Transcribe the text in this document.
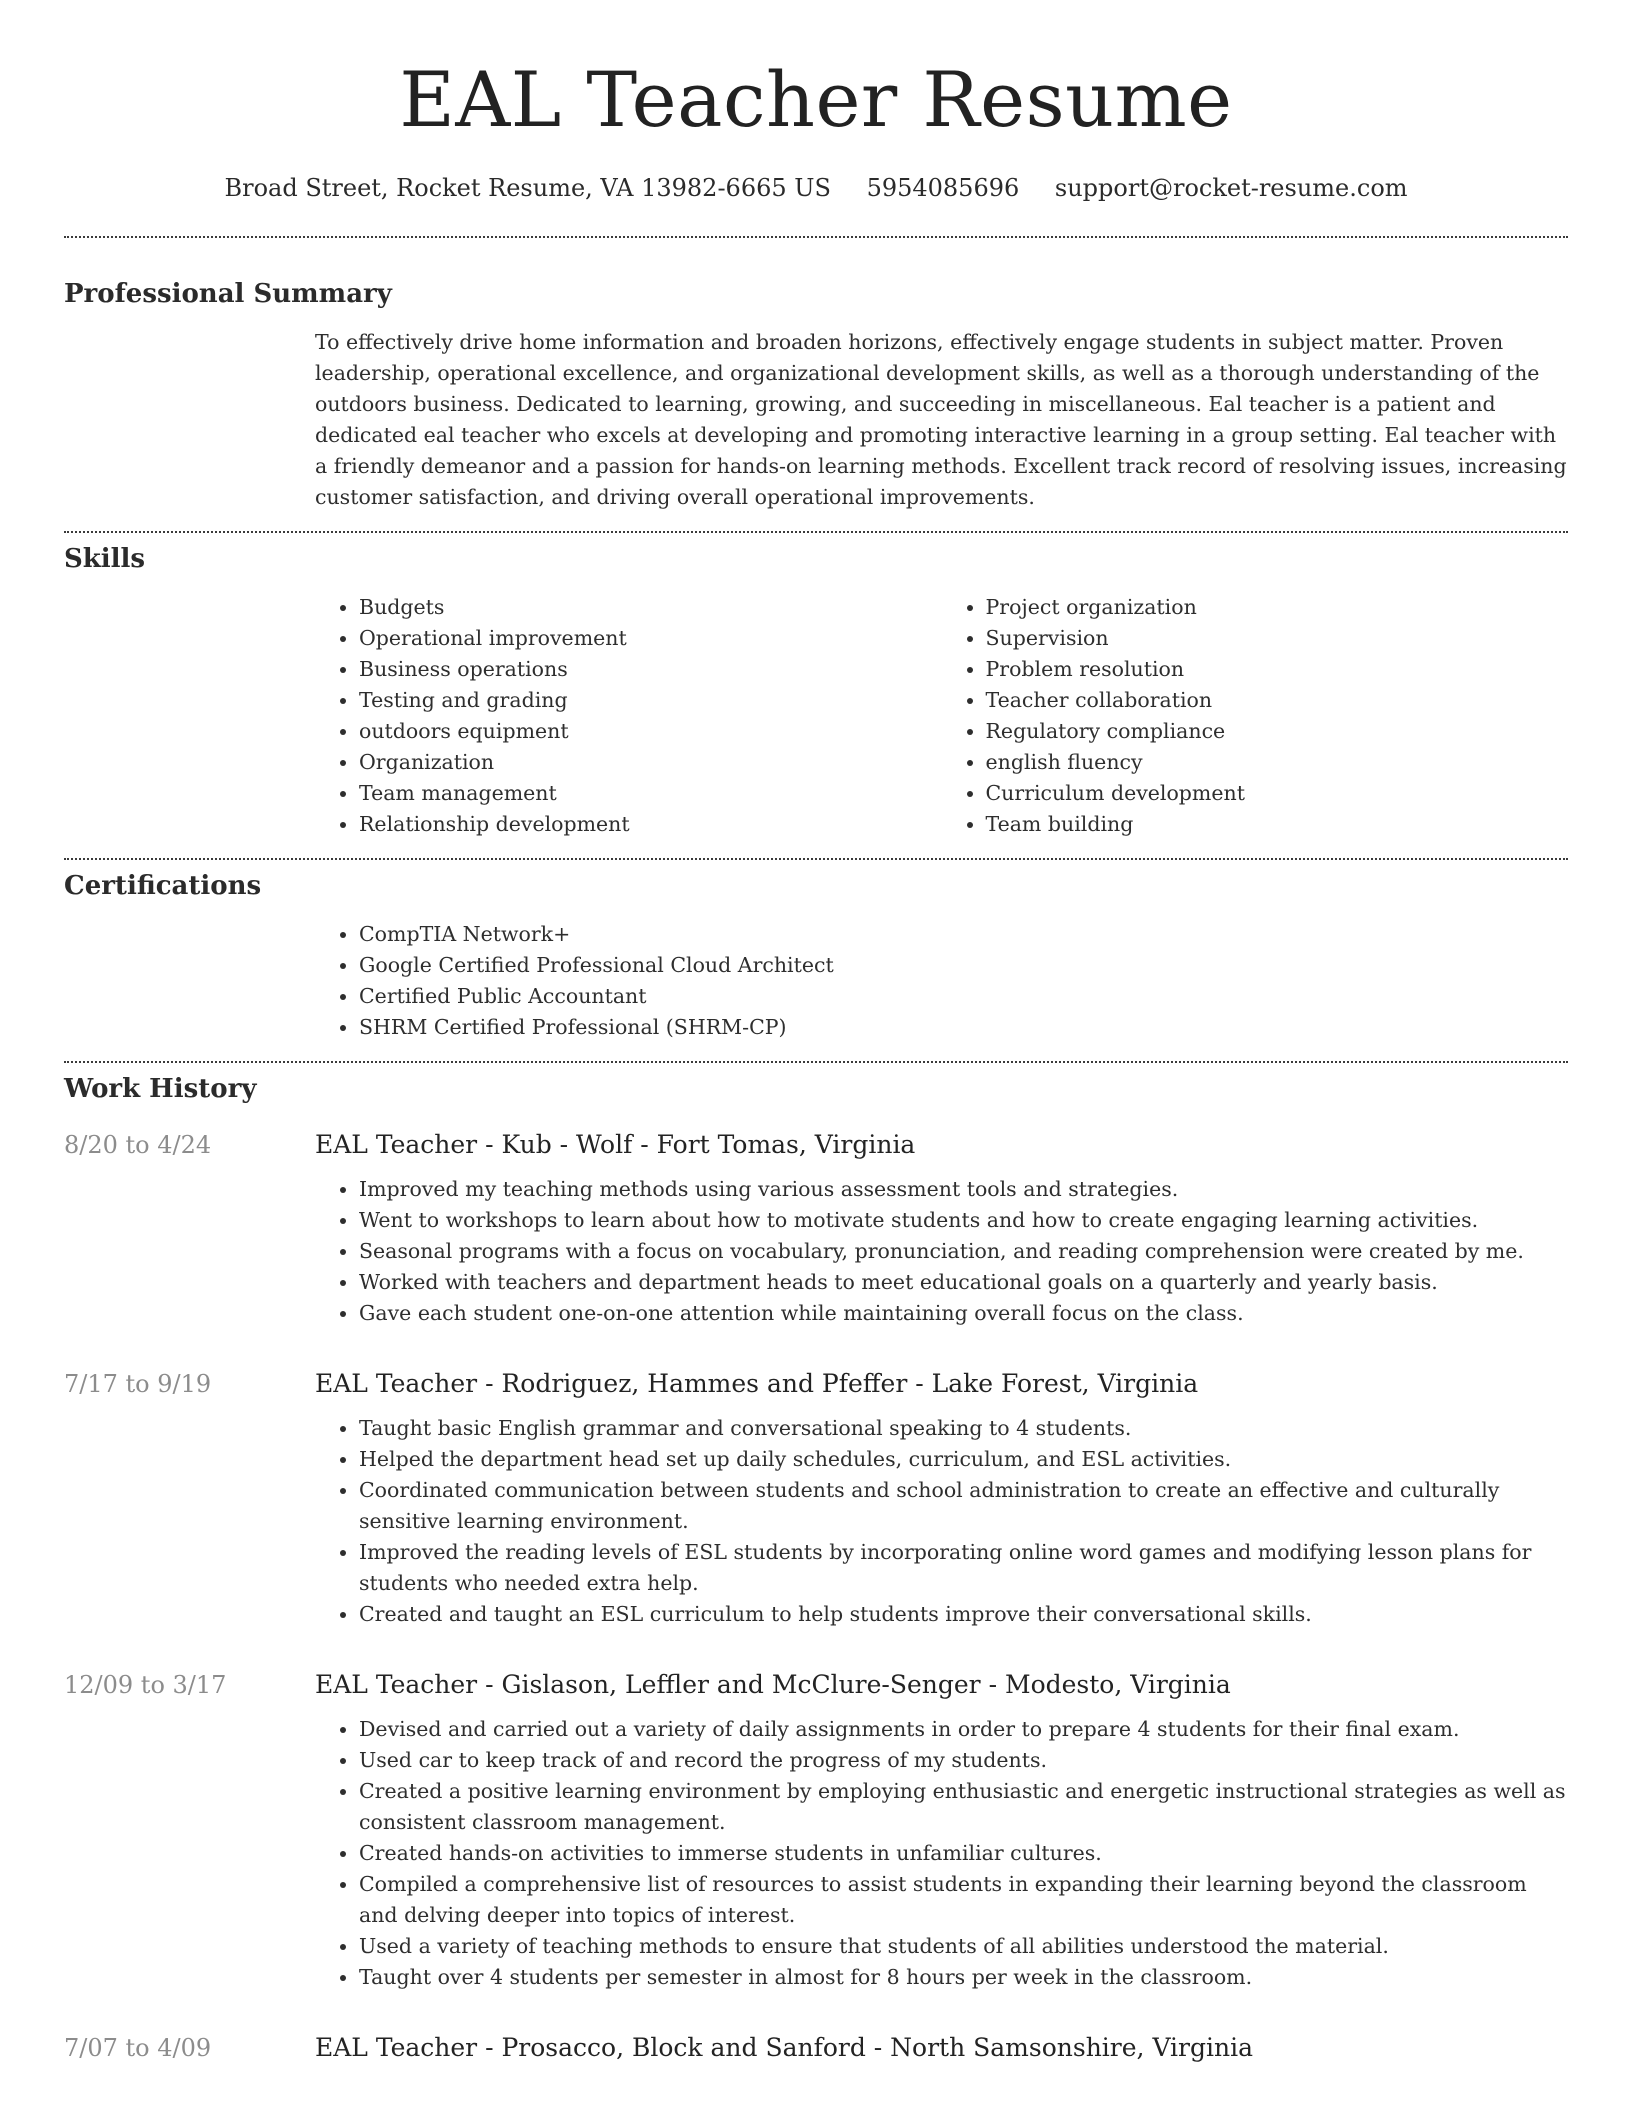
EAL Teacher Resume
Broad Street, Rocket Resume, VA 13982-6665 US 5954085696 support@rocket-resume.com
Professional Summary

To effectively drive home information and broaden horizons, effectively engage students in subject matter. Proven leadership, operational excellence, and organizational development skills, as well as a thorough understanding of the outdoors business. Dedicated to learning, growing, and succeeding in miscellaneous. Eal teacher is a patient and dedicated eal teacher who excels at developing and promoting interactive learning in a group setting. Eal teacher with a friendly demeanor and a passion for hands-on learning methods. Excellent track record of resolving issues, increasing customer satisfaction, and driving overall operational improvements.

Skills
• Budgets
• Operational improvement
• Business operations
• Testing and grading
• outdoors equipment
• Organization
• Team management
• Relationship development
• Project organization
• Supervision
• Problem resolution
• Teacher collaboration
• Regulatory compliance
• english fluency
• Curriculum development
• Team building
Certifications
• CompTIA Network+
• Google Certified Professional Cloud Architect
• Certified Public Accountant
• SHRM Certified Professional (SHRM-CP)
Work History
8/20 to 4/24	EAL Teacher - Kub - Wolf - Fort Tomas, Virginia
• Improved my teaching methods using various assessment tools and strategies.
• Went to workshops to learn about how to motivate students and how to create engaging learning activities.
• Seasonal programs with a focus on vocabulary, pronunciation, and reading comprehension were created by me.
• Worked with teachers and department heads to meet educational goals on a quarterly and yearly basis.
• Gave each student one-on-one attention while maintaining overall focus on the class.
7/17 to 9/19	EAL Teacher - Rodriguez, Hammes and Pfeffer - Lake Forest, Virginia
• Taught basic English grammar and conversational speaking to 4 students.
• Helped the department head set up daily schedules, curriculum, and ESL activities.
• Coordinated communication between students and school administration to create an effective and culturally sensitive learning environment.
• Improved the reading levels of ESL students by incorporating online word games and modifying lesson plans for students who needed extra help.
• Created and taught an ESL curriculum to help students improve their conversational skills.
12/09 to 3/17	EAL Teacher - Gislason, Leffler and McClure-Senger - Modesto, Virginia
• Devised and carried out a variety of daily assignments in order to prepare 4 students for their final exam.
• Used car to keep track of and record the progress of my students.
• Created a positive learning environment by employing enthusiastic and energetic instructional strategies as well as consistent classroom management.
• Created hands-on activities to immerse students in unfamiliar cultures.
• Compiled a comprehensive list of resources to assist students in expanding their learning beyond the classroom and delving deeper into topics of interest.
• Used a variety of teaching methods to ensure that students of all abilities understood the material.
• Taught over 4 students per semester in almost for 8 hours per week in the classroom.
7/07 to 4/09	EAL Teacher - Prosacco, Block and Sanford - North Samsonshire, Virginia
